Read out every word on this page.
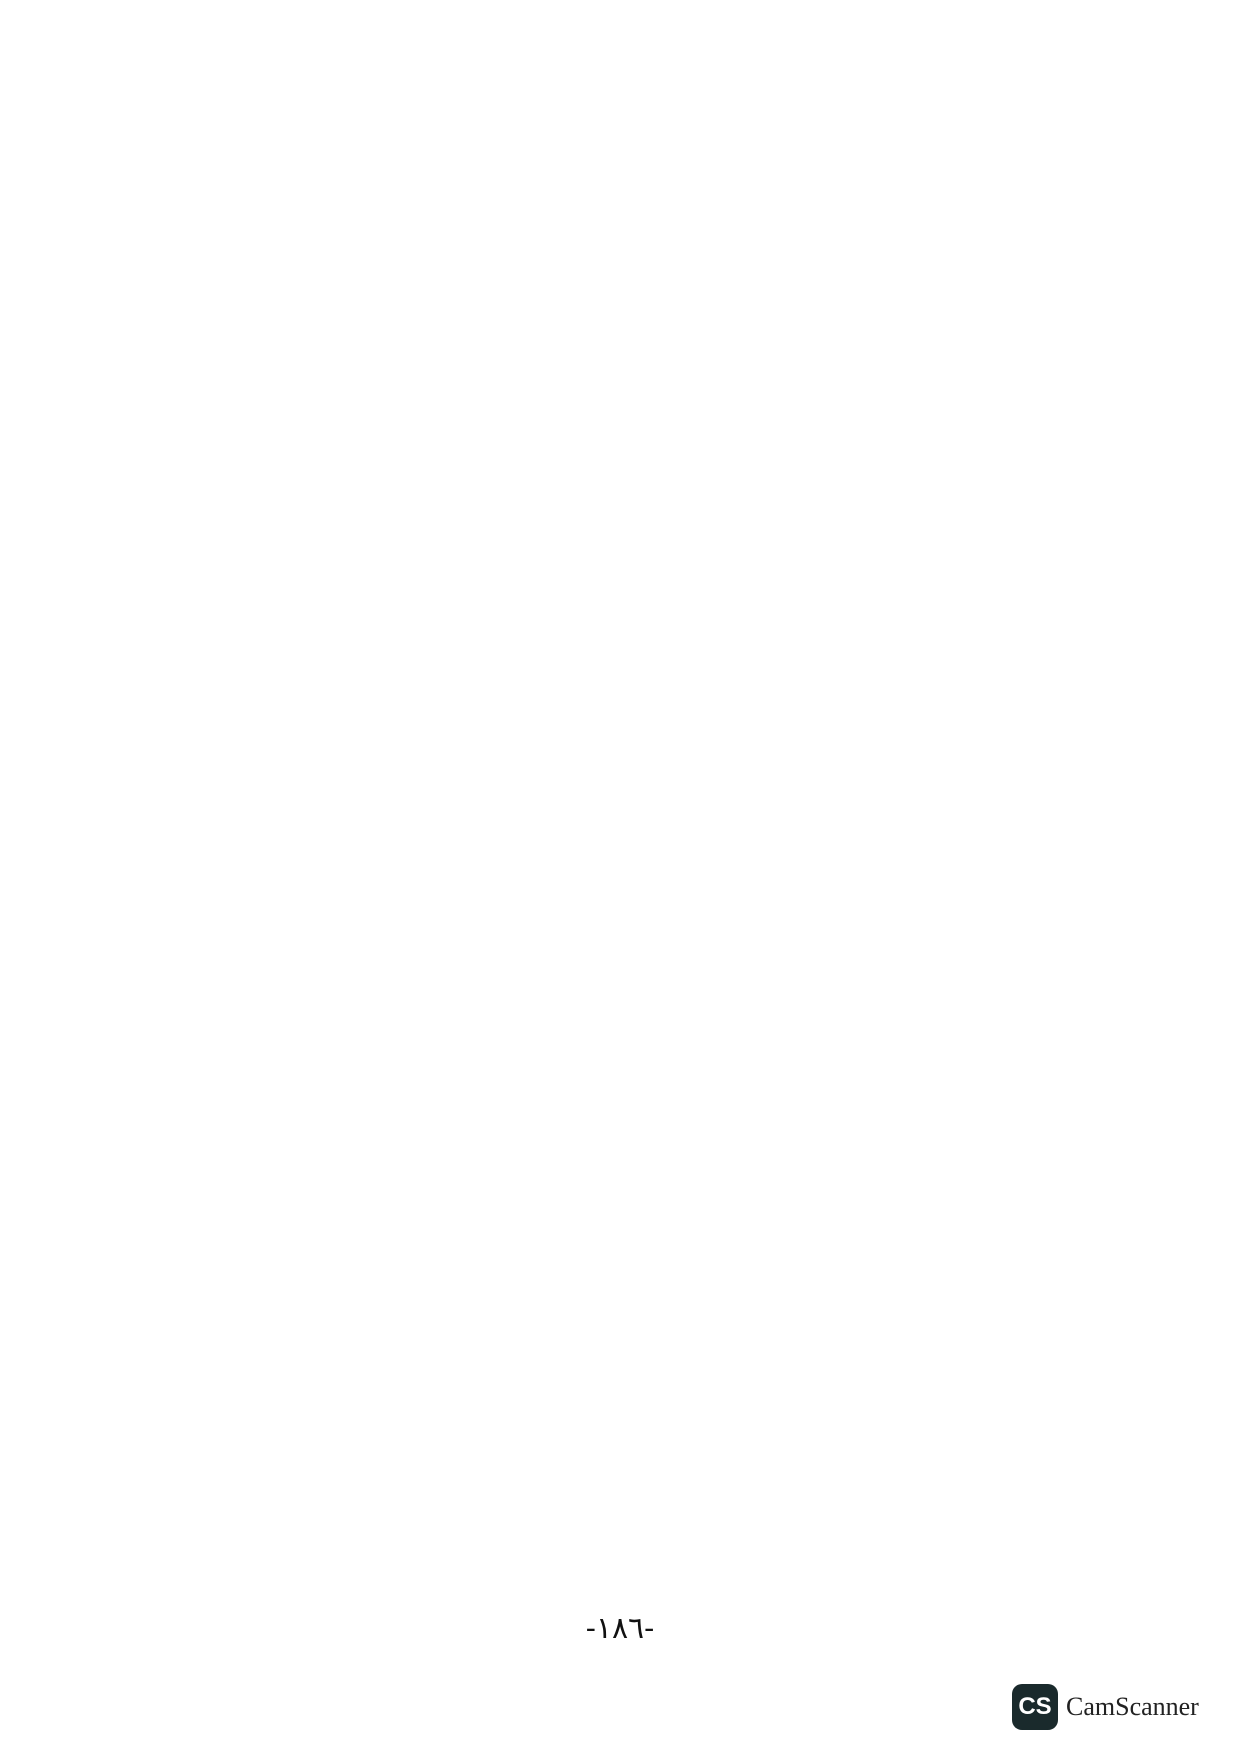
-١٨٦-
CS CamScanner
